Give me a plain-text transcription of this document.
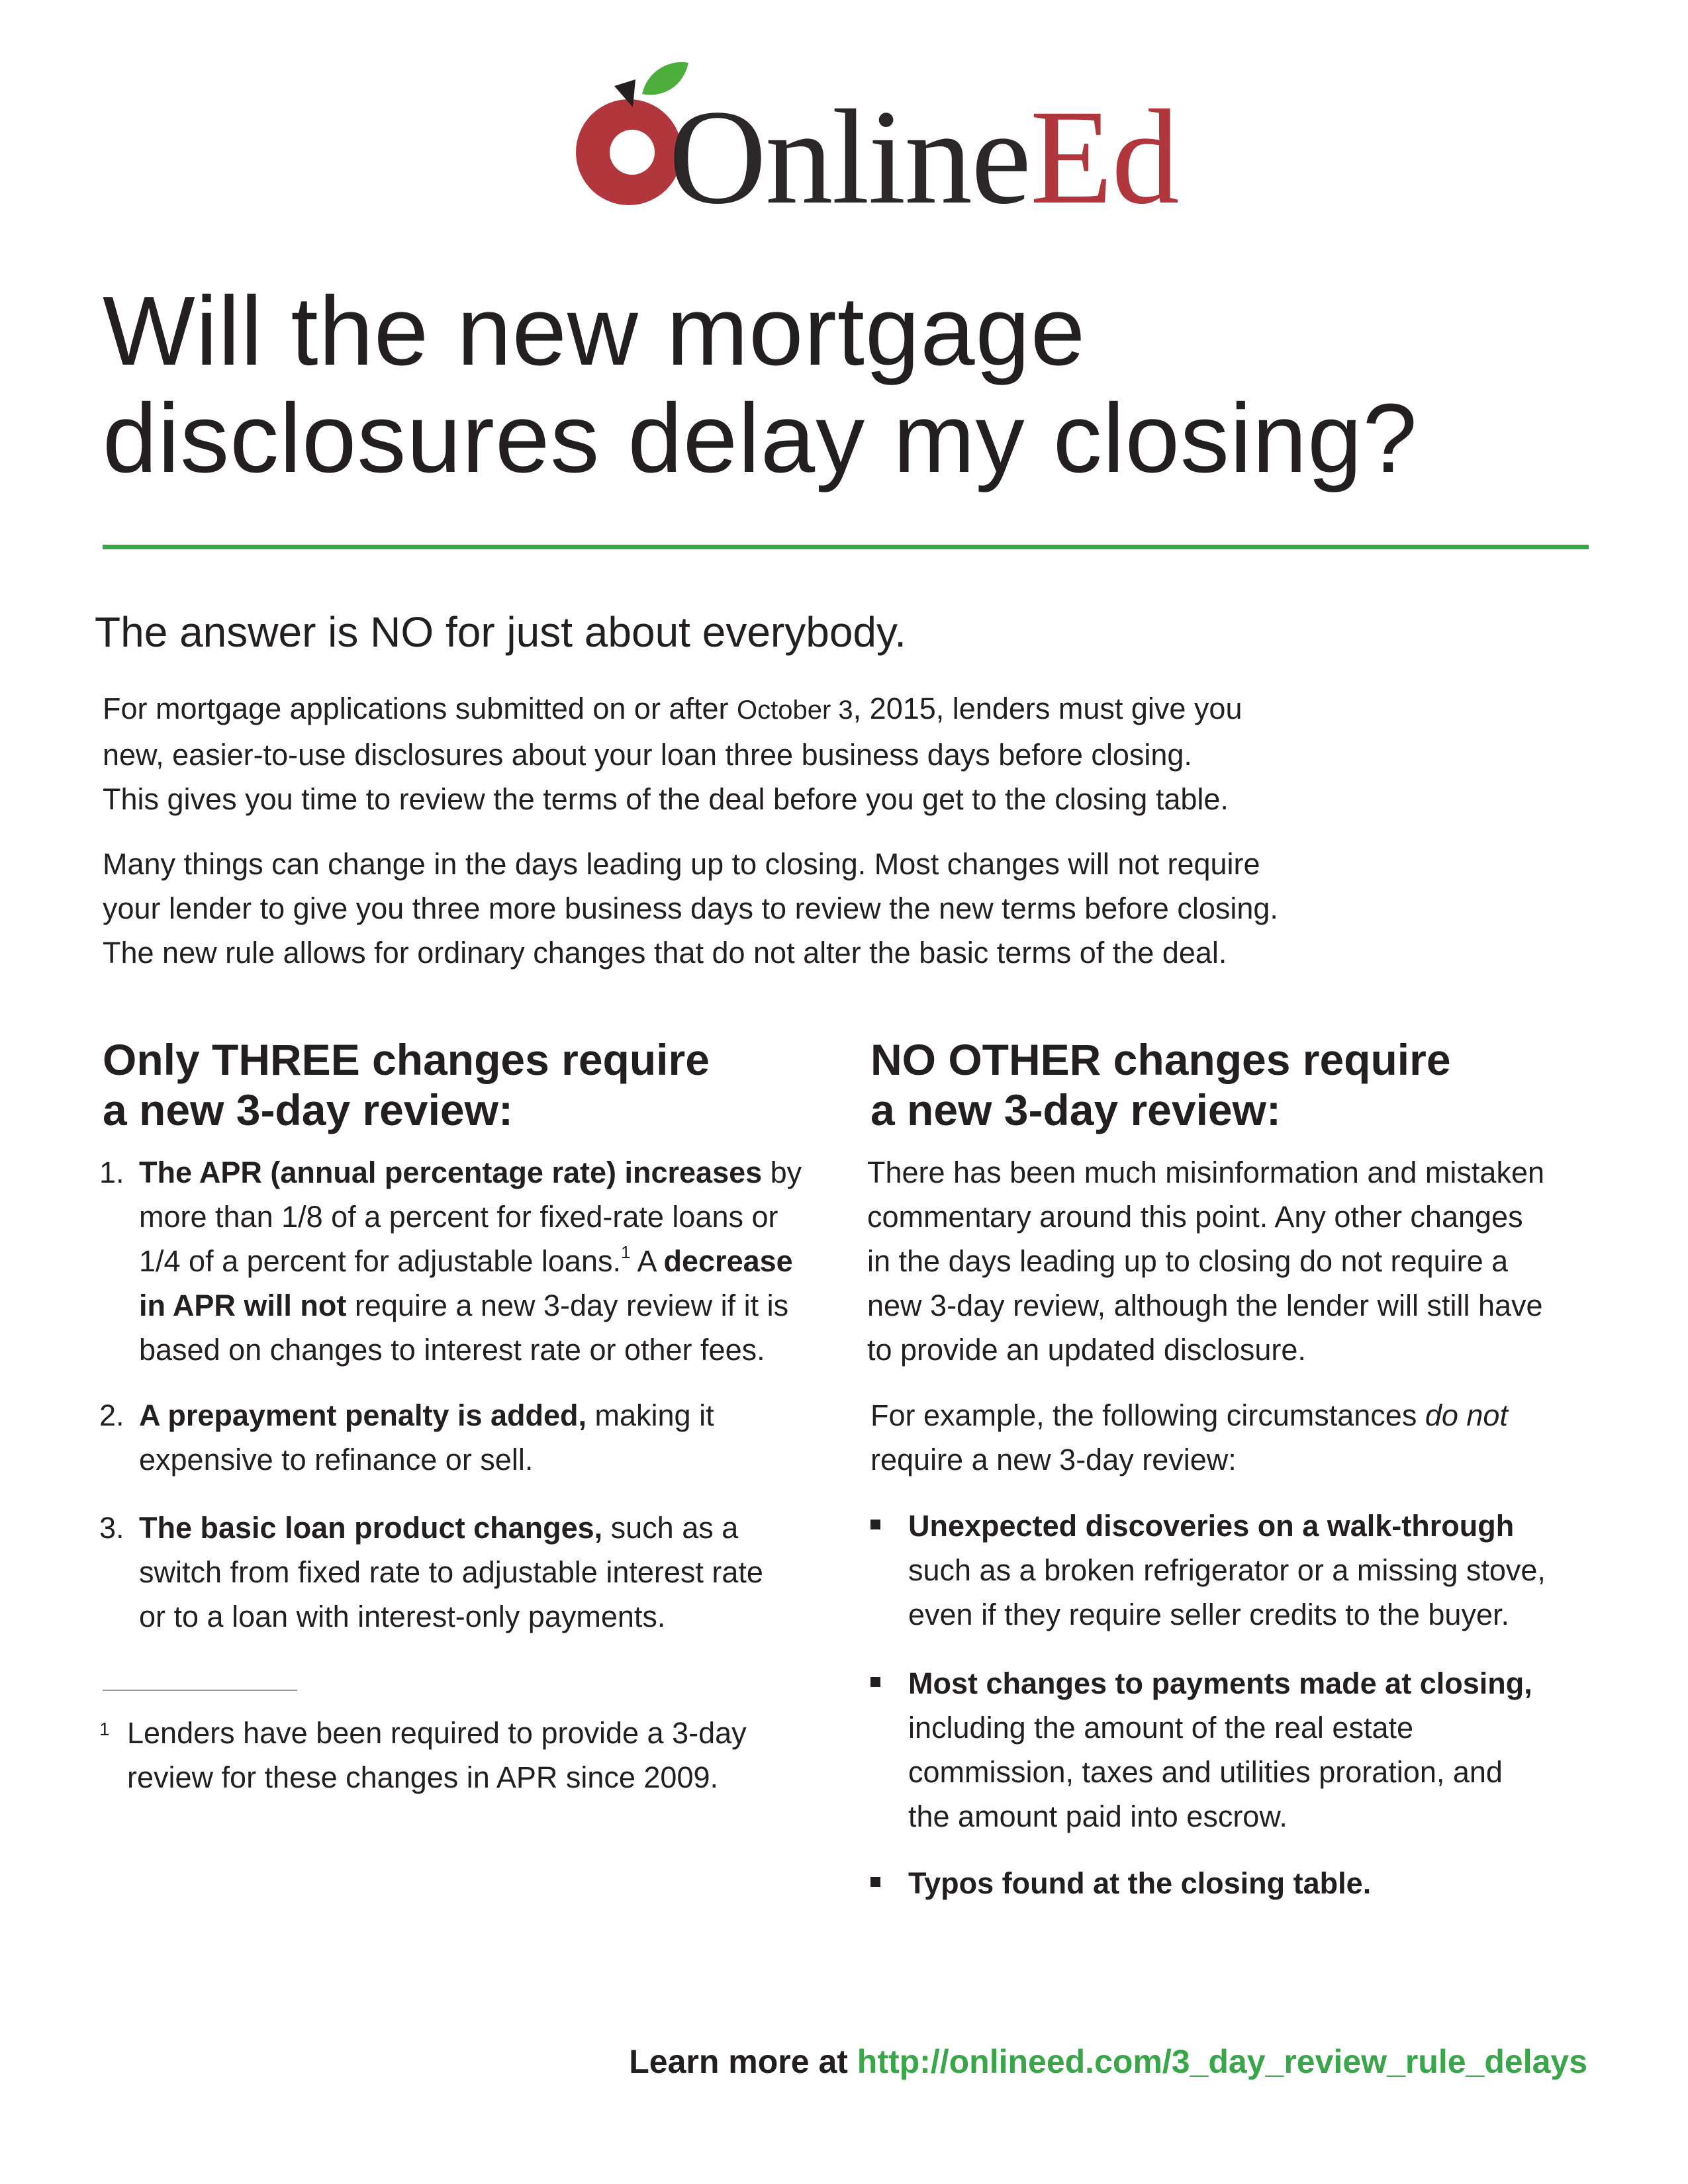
OnlineEd
Will the new mortgage
disclosures delay my closing?
The answer is NO for just about everybody.
For mortgage applications submitted on or after October 3, 2015, lenders must give you
new, easier-to-use disclosures about your loan three business days before closing.
This gives you time to review the terms of the deal before you get to the closing table.
Many things can change in the days leading up to closing. Most changes will not require
your lender to give you three more business days to review the new terms before closing.
The new rule allows for ordinary changes that do not alter the basic terms of the deal.
Only THREE changes require
a new 3-day review:
1. The APR (annual percentage rate) increases by
more than 1/8 of a percent for fixed-rate loans or
1/4 of a percent for adjustable loans.$^1$ A decrease
in APR will not require a new 3-day review if it is
based on changes to interest rate or other fees.
2. A prepayment penalty is added, making it
expensive to refinance or sell.
3. The basic loan product changes, such as a
switch from fixed rate to adjustable interest rate
or to a loan with interest-only payments.
1 Lenders have been required to provide a 3-day
review for these changes in APR since 2009.
NO OTHER changes require
a new 3-day review:
There has been much misinformation and mistaken
commentary around this point. Any other changes
in the days leading up to closing do not require a
new 3-day review, although the lender will still have
to provide an updated disclosure.
For example, the following circumstances do not
require a new 3-day review:
Unexpected discoveries on a walk-through
such as a broken refrigerator or a missing stove,
even if they require seller credits to the buyer.
Most changes to payments made at closing,
including the amount of the real estate
commission, taxes and utilities proration, and
the amount paid into escrow.
Typos found at the closing table.
Learn more at http://onlineed.com/3_day_review_rule_delays
